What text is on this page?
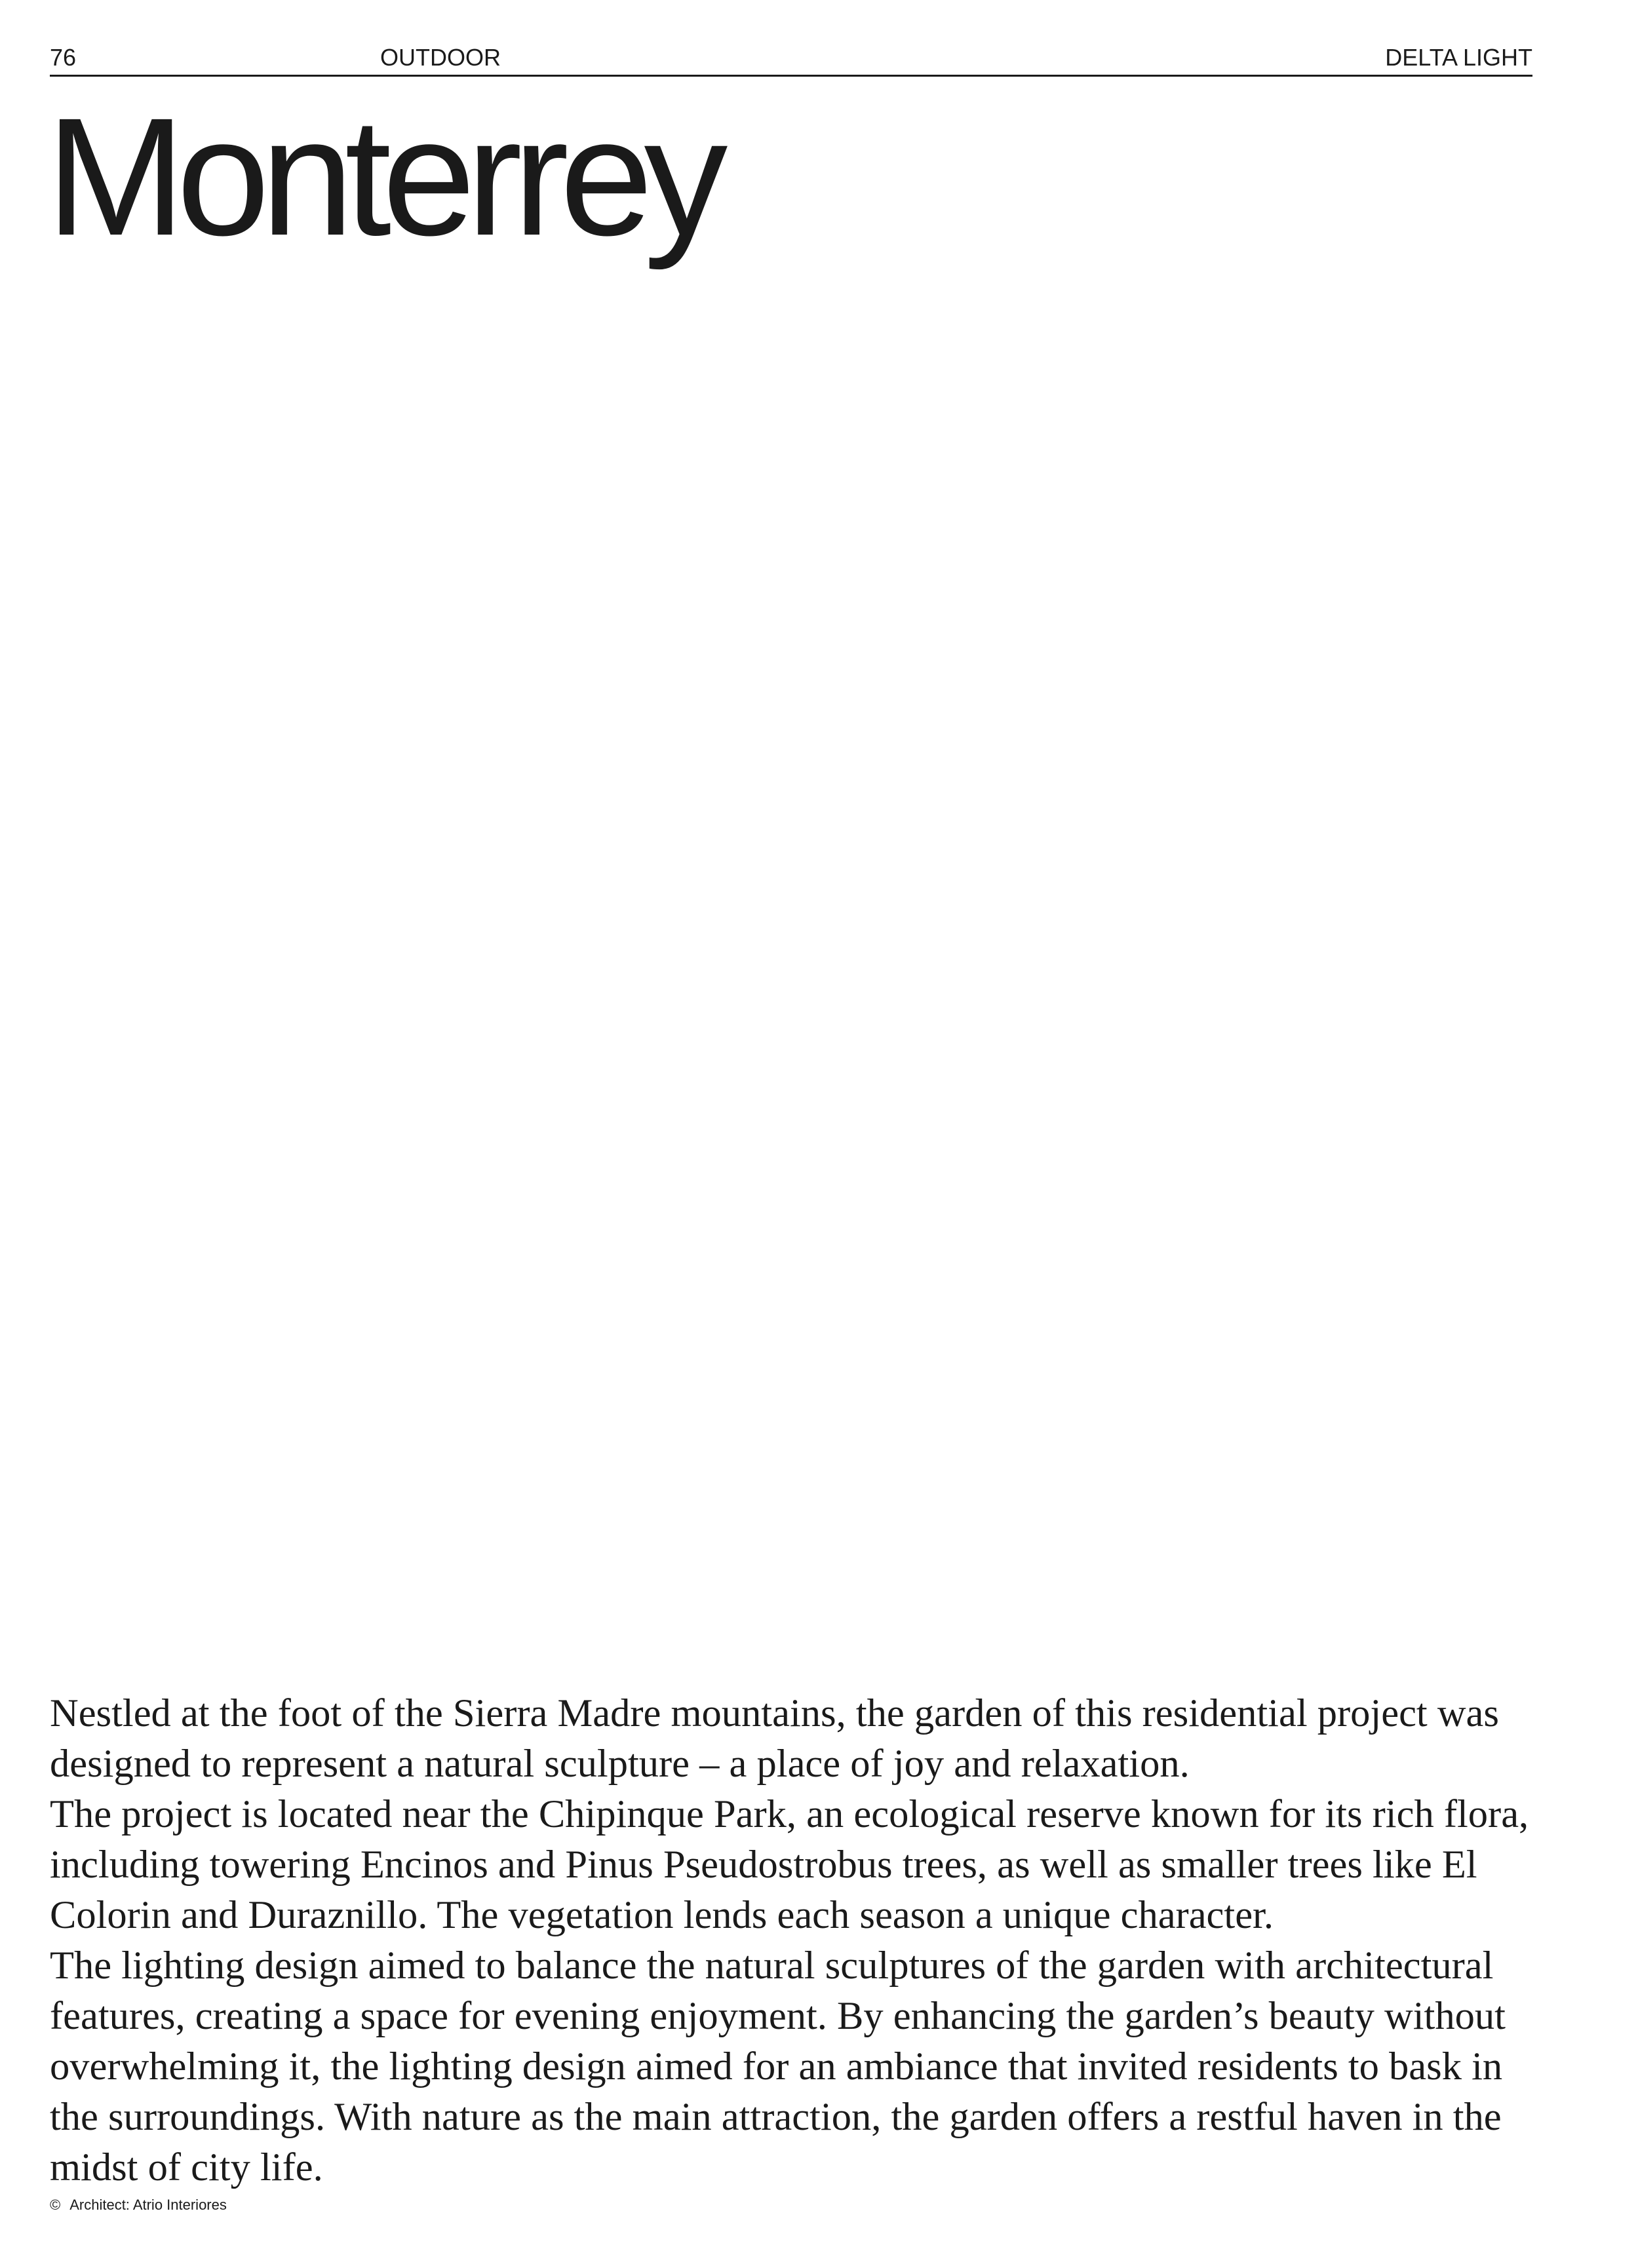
76	OUTDOOR	DELTA LIGHT
Monterrey

Nestled at the foot of the Sierra Madre mountains, the garden of this residential project was designed to represent a natural sculpture – a place of joy and relaxation.

The project is located near the Chipinque Park, an ecological reserve known for its rich flora, including towering Encinos and Pinus Pseudostrobus trees, as well as smaller trees like El Colorin and Duraznillo. The vegetation lends each season a unique character.

The lighting design aimed to balance the natural sculptures of the garden with architectural features, creating a space for evening enjoyment. By enhancing the garden’s beauty without overwhelming it, the lighting design aimed for an ambiance that invited residents to bask in the surroundings. With nature as the main attraction, the garden offers a restful haven in the midst of city life.

© Architect: Atrio Interiores
